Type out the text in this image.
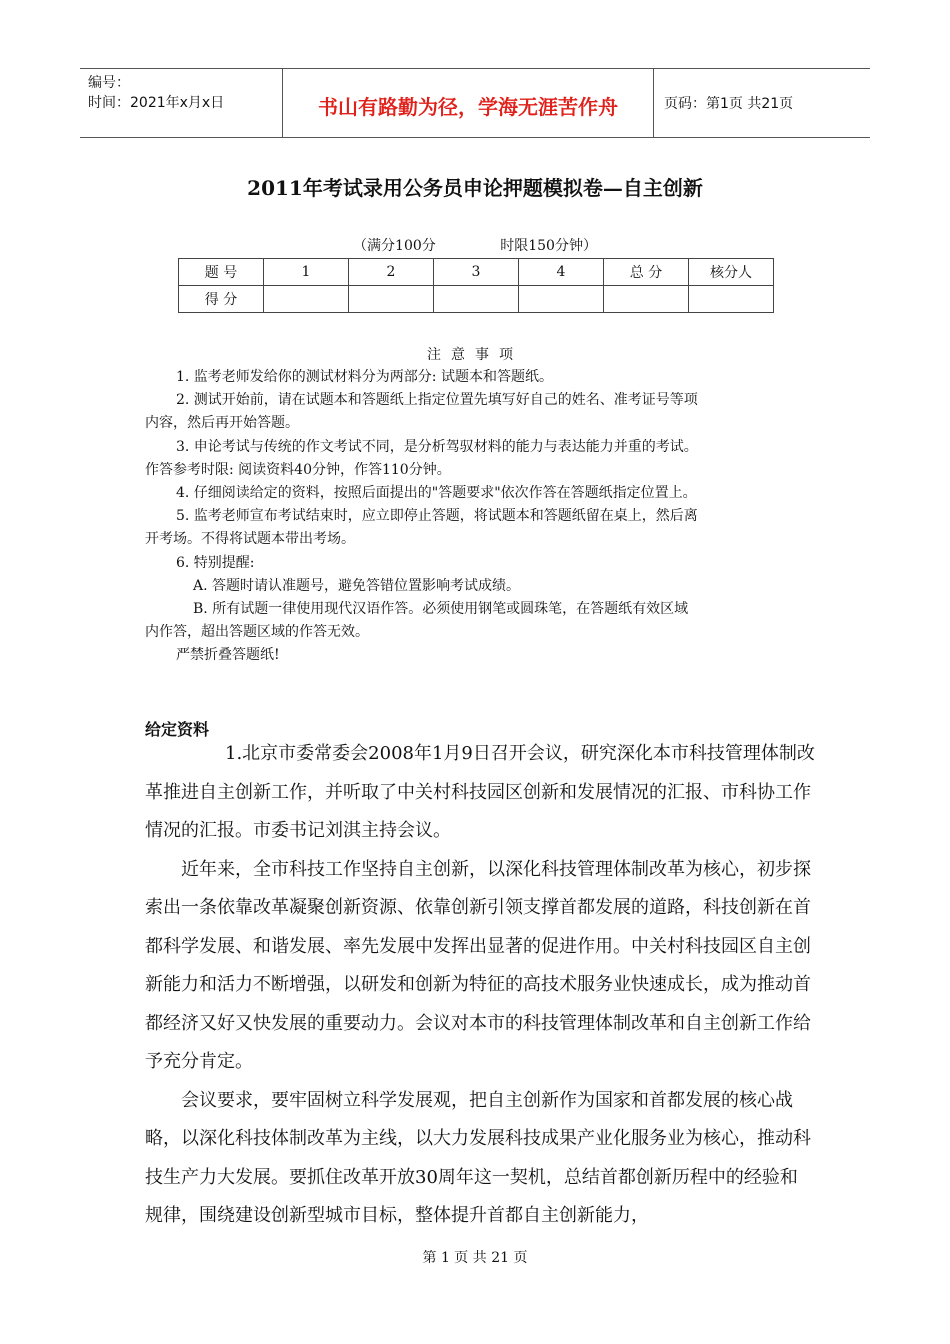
编号：
时间：2021年x月x日	书山有路勤为径，学海无涯苦作舟	页码：第1页 共21页
2011年考试录用公务员申论押题模拟卷—自主创新
（满分100分	时限150分钟）
题 号	1	2	3	4	总 分	核分人
得 分						
注意事项

1. 监考老师发给你的测试材料分为两部分: 试题本和答题纸。

2. 测试开始前，请在试题本和答题纸上指定位置先填写好自己的姓名、准考证号等项

内容，然后再开始答题。

3. 申论考试与传统的作文考试不同，是分析驾驭材料的能力与表达能力并重的考试。

作答参考时限: 阅读资料40分钟，作答110分钟。

4. 仔细阅读给定的资料，按照后面提出的"答题要求"依次作答在答题纸指定位置上。

5. 监考老师宣布考试结束时，应立即停止答题，将试题本和答题纸留在桌上，然后离

开考场。不得将试题本带出考场。

6. 特别提醒:

A. 答题时请认准题号，避免答错位置影响考试成绩。

B. 所有试题一律使用现代汉语作答。必须使用钢笔或圆珠笔，在答题纸有效区域

内作答，超出答题区域的作答无效。

严禁折叠答题纸!

给定资料

1.北京市委常委会2008年1月9日召开会议，研究深化本市科技管理体制改革推进自主创新工作，并听取了中关村科技园区创新和发展情况的汇报、市科协工作情况的汇报。市委书记刘淇主持会议。

近年来，全市科技工作坚持自主创新，以深化科技管理体制改革为核心，初步探索出一条依靠改革凝聚创新资源、依靠创新引领支撑首都发展的道路，科技创新在首都科学发展、和谐发展、率先发展中发挥出显著的促进作用。中关村科技园区自主创新能力和活力不断增强，以研发和创新为特征的高技术服务业快速成长，成为推动首都经济又好又快发展的重要动力。会议对本市的科技管理体制改革和自主创新工作给予充分肯定。

会议要求，要牢固树立科学发展观，把自主创新作为国家和首都发展的核心战略，以深化科技体制改革为主线，以大力发展科技成果产业化服务业为核心，推动科技生产力大发展。要抓住改革开放30周年这一契机，总结首都创新历程中的经验和规律，围绕建设创新型城市目标，整体提升首都自主创新能力，

第 1 页 共 21 页
